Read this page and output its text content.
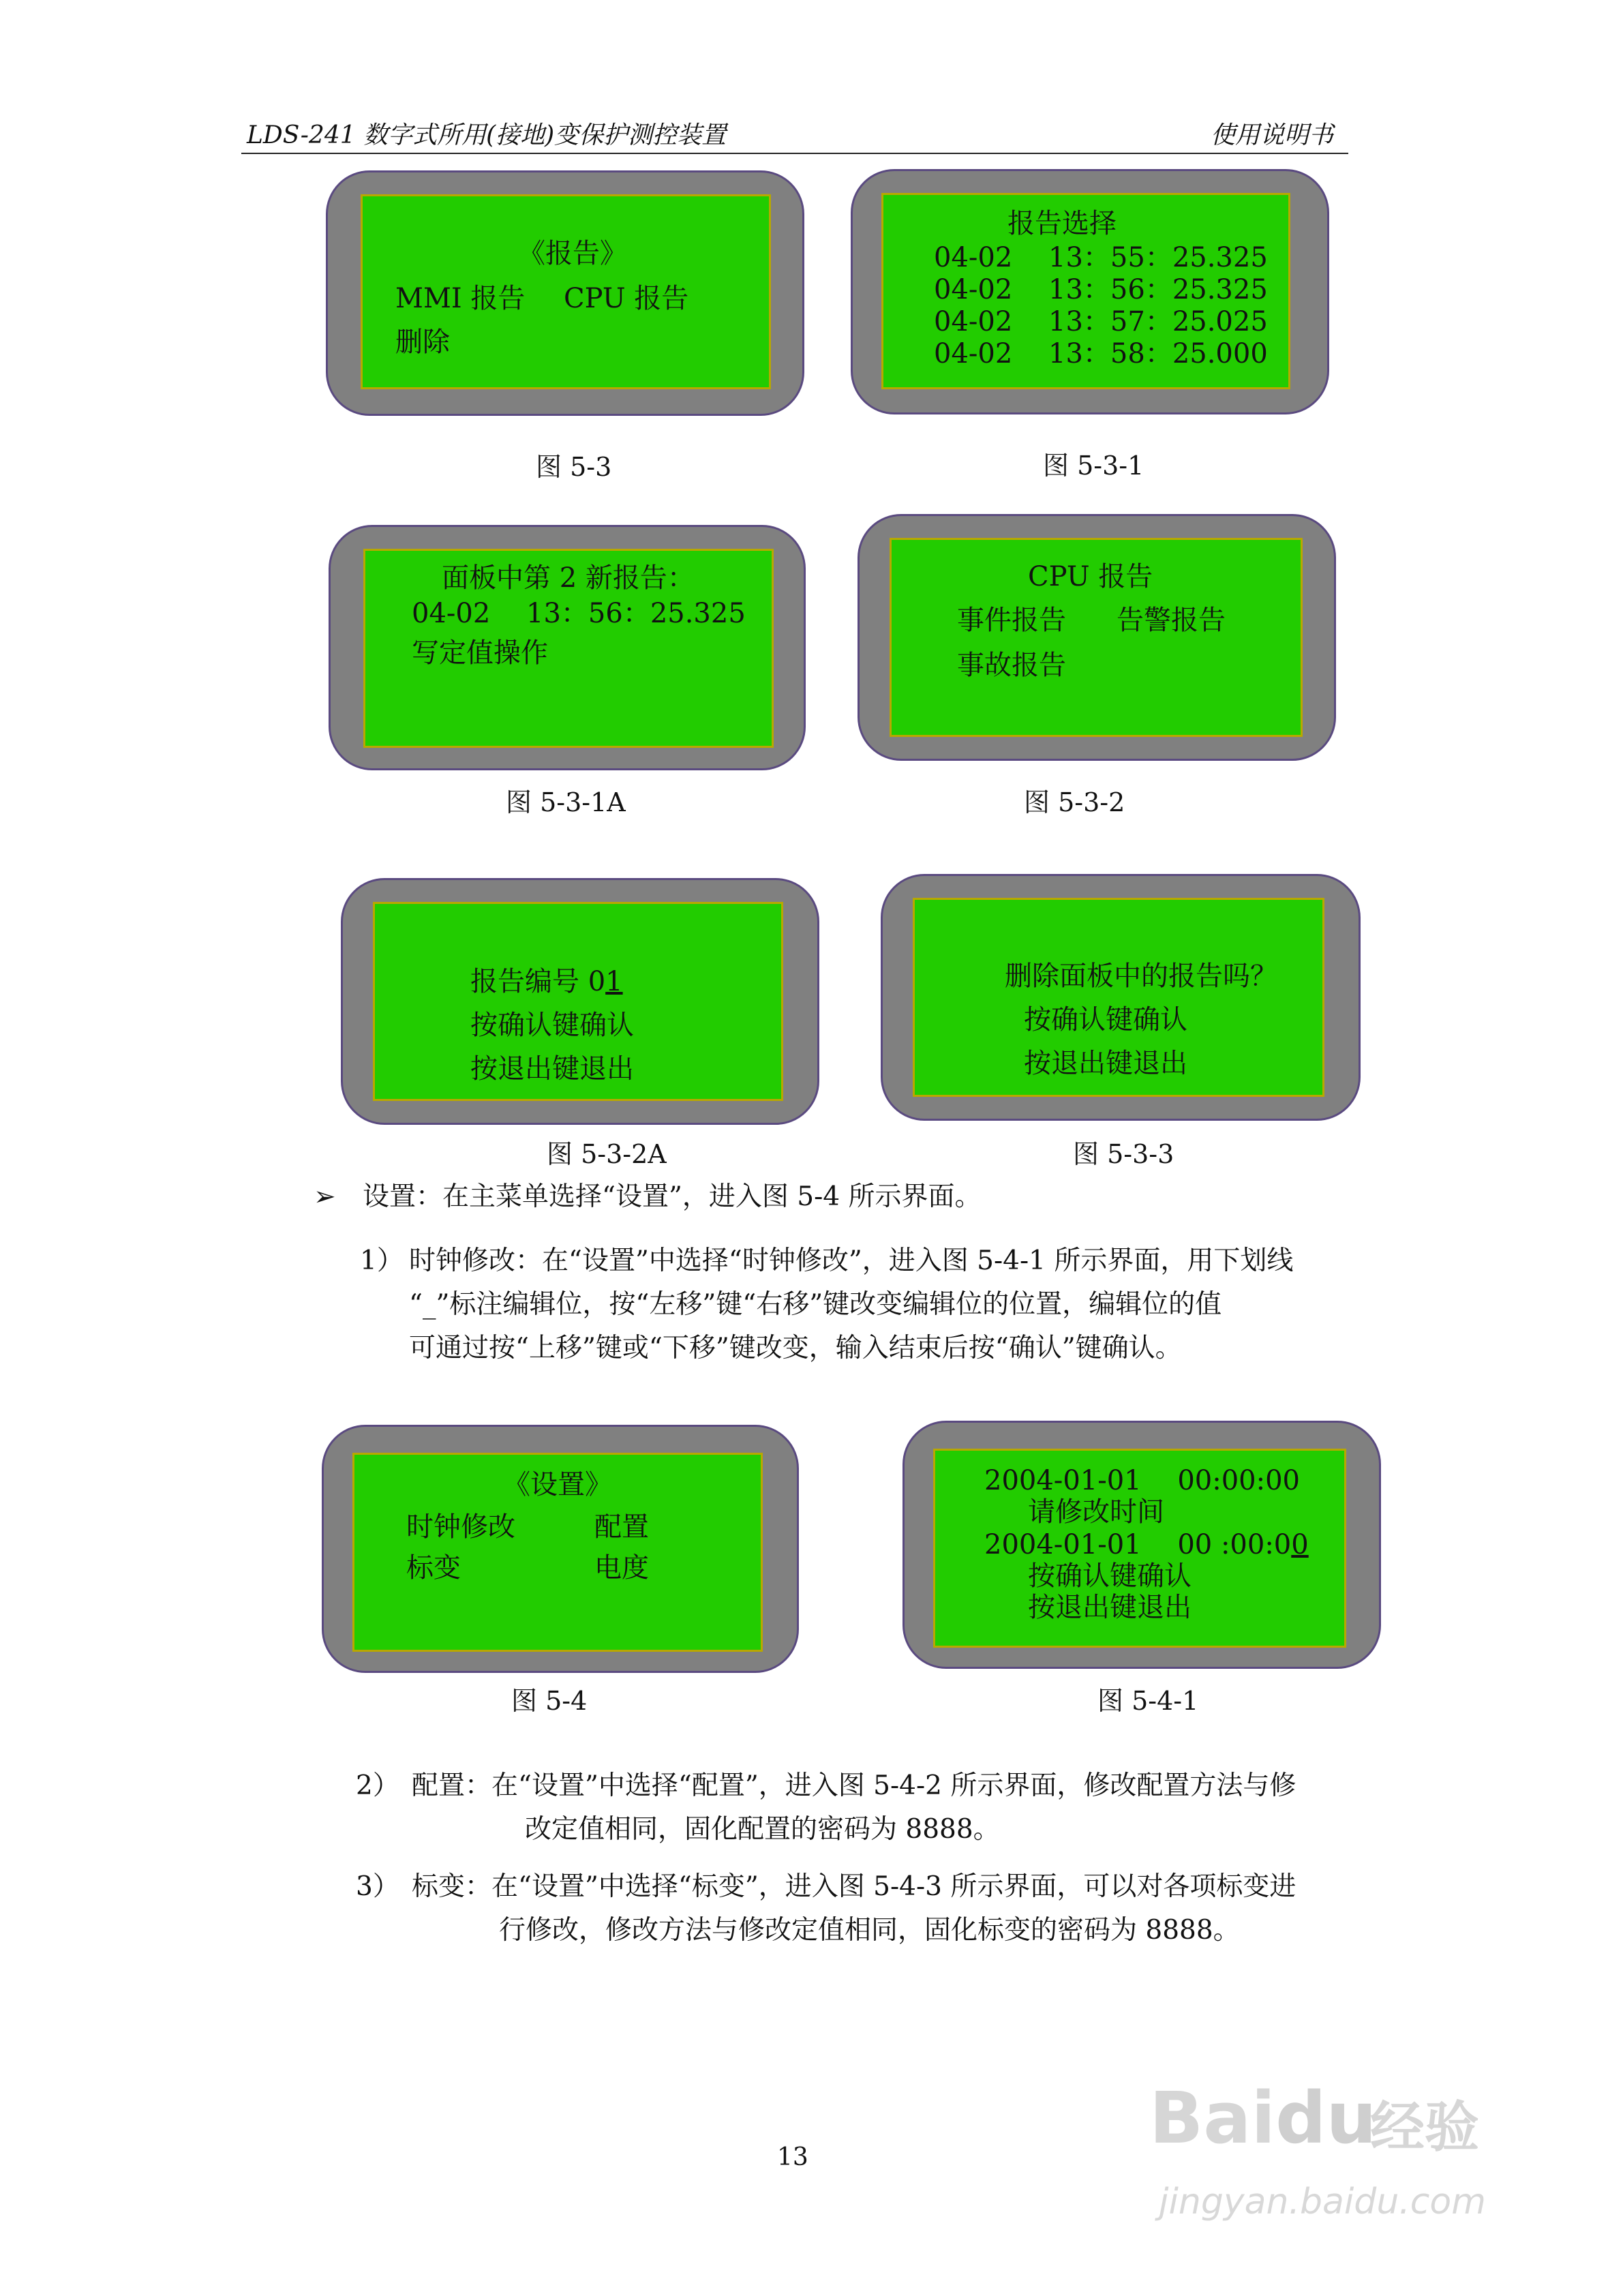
LDS-241 数字式所用(接地)变保护测控装置	使用说明书
《报告》
MMI 报告 CPU 报告
删除
图 5-3
报告选择
04-02　 13：55：25.325
04-02　 13：56：25.325
04-02　 13：57：25.025
04-02　 13：58：25.000
图 5-3-1
面板中第 2 新报告：
04-02　 13：56：25.325
写定值操作
图 5-3-1A
CPU 报告
事件报告 告警报告
事故报告
图 5-3-2
报告编号 01
按确认键确认
按退出键退出
图 5-3-2A
删除面板中的报告吗？
按确认键确认
按退出键退出
图 5-3-3
➢ 设置：在主菜单选择“设置”，进入图 5-4 所示界面。
1） 时钟修改：在“设置”中选择“时钟修改”，进入图 5-4-1 所示界面，用下划线
“_”标注编辑位，按“左移”键“右移”键改变编辑位的位置，编辑位的值
可通过按“上移”键或“下移”键改变，输入结束后按“确认”键确认。
《设置》
时钟修改	配置
标变	电度
图 5-4
2004-01-01　 00:00:00
请修改时间
2004-01-01　 00 :00:00
按确认键确认
按退出键退出
图 5-4-1
2） 配置：在“设置”中选择“配置”，进入图 5-4-2 所示界面，修改配置方法与修
改定值相同，固化配置的密码为 8888。
3） 标变：在“设置”中选择“标变”，进入图 5-4-3 所示界面，可以对各项标变进
行修改，修改方法与修改定值相同，固化标变的密码为 8888。
13	Baidu
经验
jingyan.baidu.com
